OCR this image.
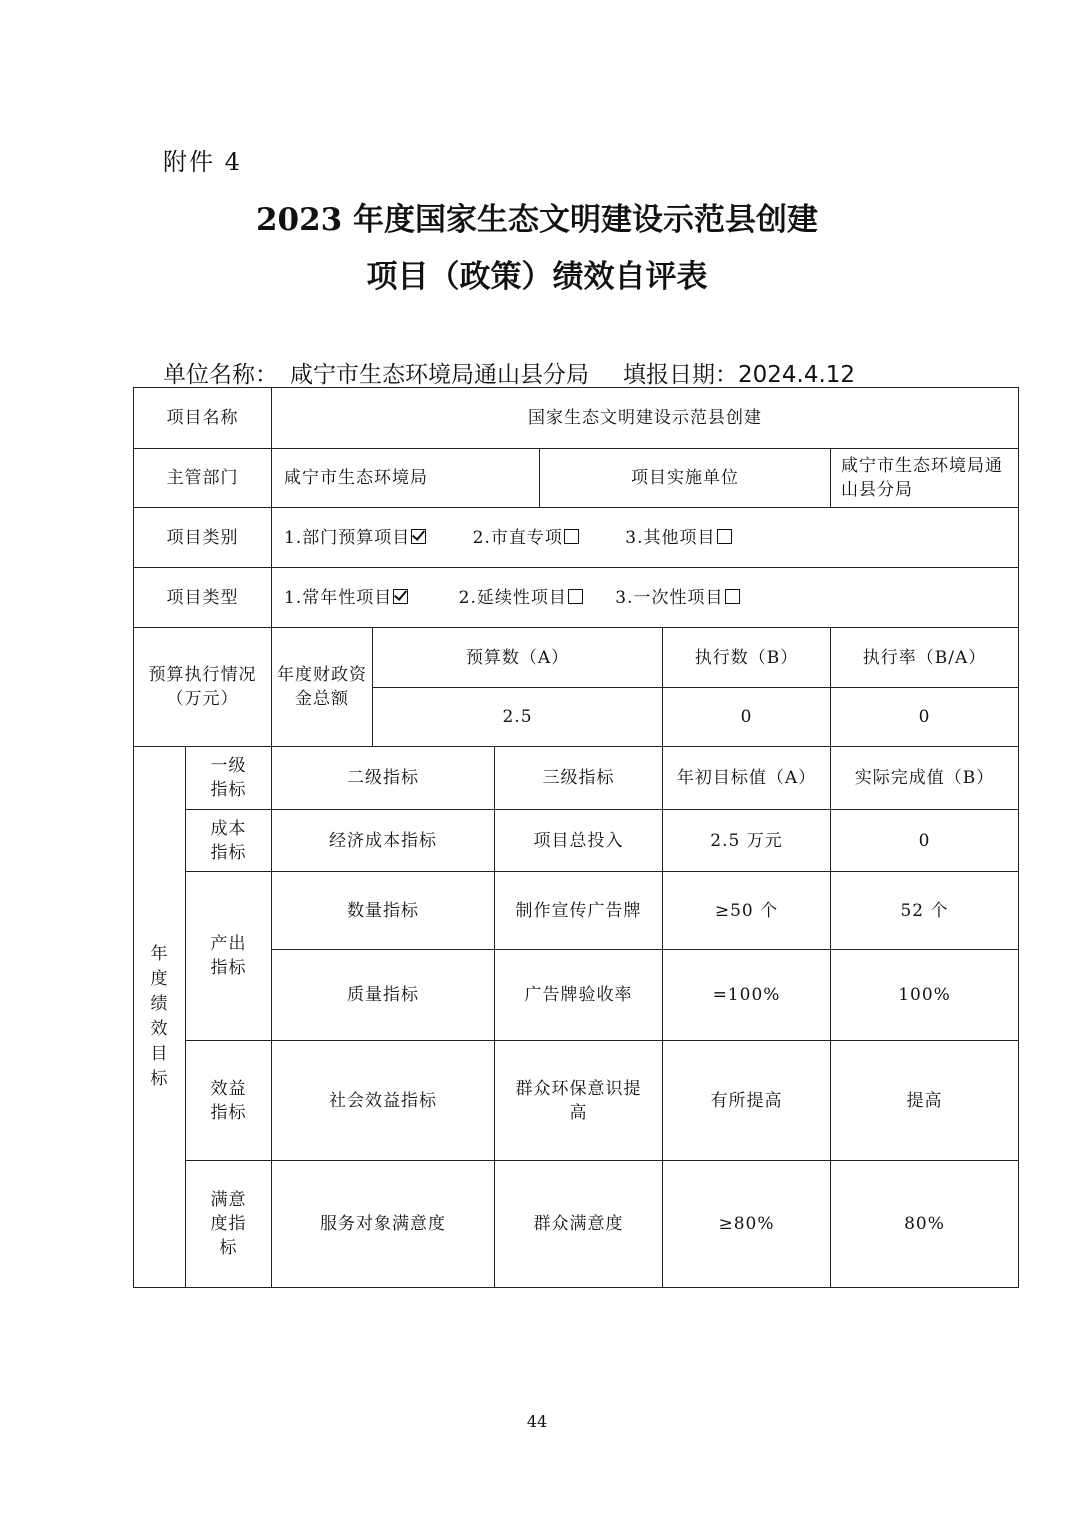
附件 4
2023 年度国家生态文明建设示范县创建
项目（政策）绩效自评表
单位名称： 咸宁市生态环境局通山县分局 填报日期：2024.4.12
项目名称		国家生态文明建设示范县创建					
主管部门		咸宁市生态环境局			项目实施单位		咸宁市生态环境局通山县分局
项目类别		1.部门预算项目 2.市直专项 3.其他项目					
项目类型		1.常年性项目 2.延续性项目 3.一次性项目					
预算执行情况（万元）		年度财政资金总额	预算数（A）			执行数（B）	执行率（B/A）
			2.5			0	0
年度绩效目标	一级指标	二级指标		三级指标		年初目标值（A）	实际完成值（B）
	成本指标	经济成本指标		项目总投入		2.5 万元	0
	产出指标	数量指标		制作宣传广告牌		≥50 个	52 个
		质量指标		广告牌验收率		=100%	100%
	效益指标	社会效益指标		群众环保意识提高		有所提高	提高
	满意度指 标	服务对象满意度		群众满意度		≥80%	80%
44
